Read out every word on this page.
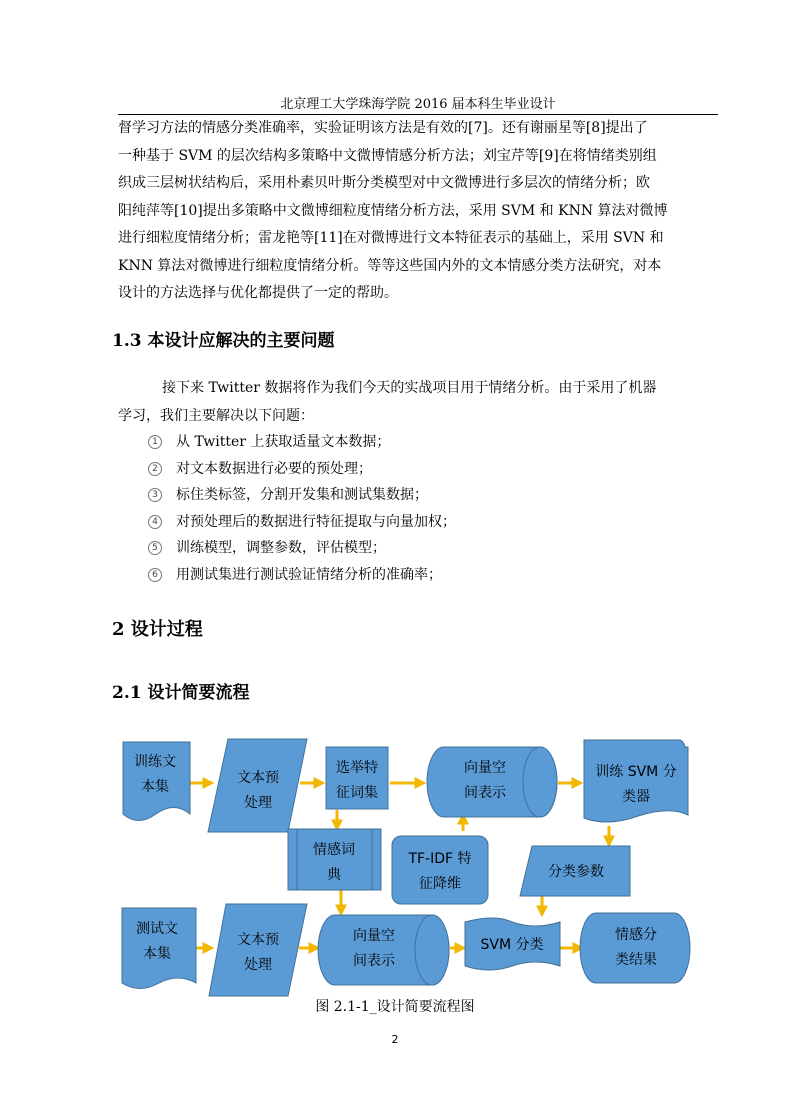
北京理工大学珠海学院 2016 届本科生毕业设计
督学习方法的情感分类准确率，实验证明该方法是有效的[7]。还有谢丽星等[8]提出了
一种基于 SVM 的层次结构多策略中文微博情感分析方法；刘宝芹等[9]在将情绪类别组
织成三层树状结构后，采用朴素贝叶斯分类模型对中文微博进行多层次的情绪分析；欧
阳纯萍等[10]提出多策略中文微博细粒度情绪分析方法，采用 SVM 和 KNN 算法对微博
进行细粒度情绪分析；雷龙艳等[11]在对微博进行文本特征表示的基础上，采用 SVN 和
KNN 算法对微博进行细粒度情绪分析。等等这些国内外的文本情感分类方法研究，对本
设计的方法选择与优化都提供了一定的帮助。
1.3 本设计应解决的主要问题
接下来 Twitter 数据将作为我们今天的实战项目用于情绪分析。由于采用了机器
学习，我们主要解决以下问题：
1 从 Twitter 上获取适量文本数据；
2 对文本数据进行必要的预处理；
3 标住类标签，分割开发集和测试集数据；
4 对预处理后的数据进行特征提取与向量加权；
5 训练模型，调整参数，评估模型；
6 用测试集进行测试验证情绪分析的准确率；
2 设计过程
2.1 设计简要流程
训练文
本集
文本预
处理
选举特
征词集
向量空
间表示
训练 SVM 分
类器
情感词
典
TF-IDF 特
征降维
分类参数
测试文
本集
文本预
处理
向量空
间表示
SVM 分类
情感分
类结果
图 2.1-1_设计简要流程图
2
